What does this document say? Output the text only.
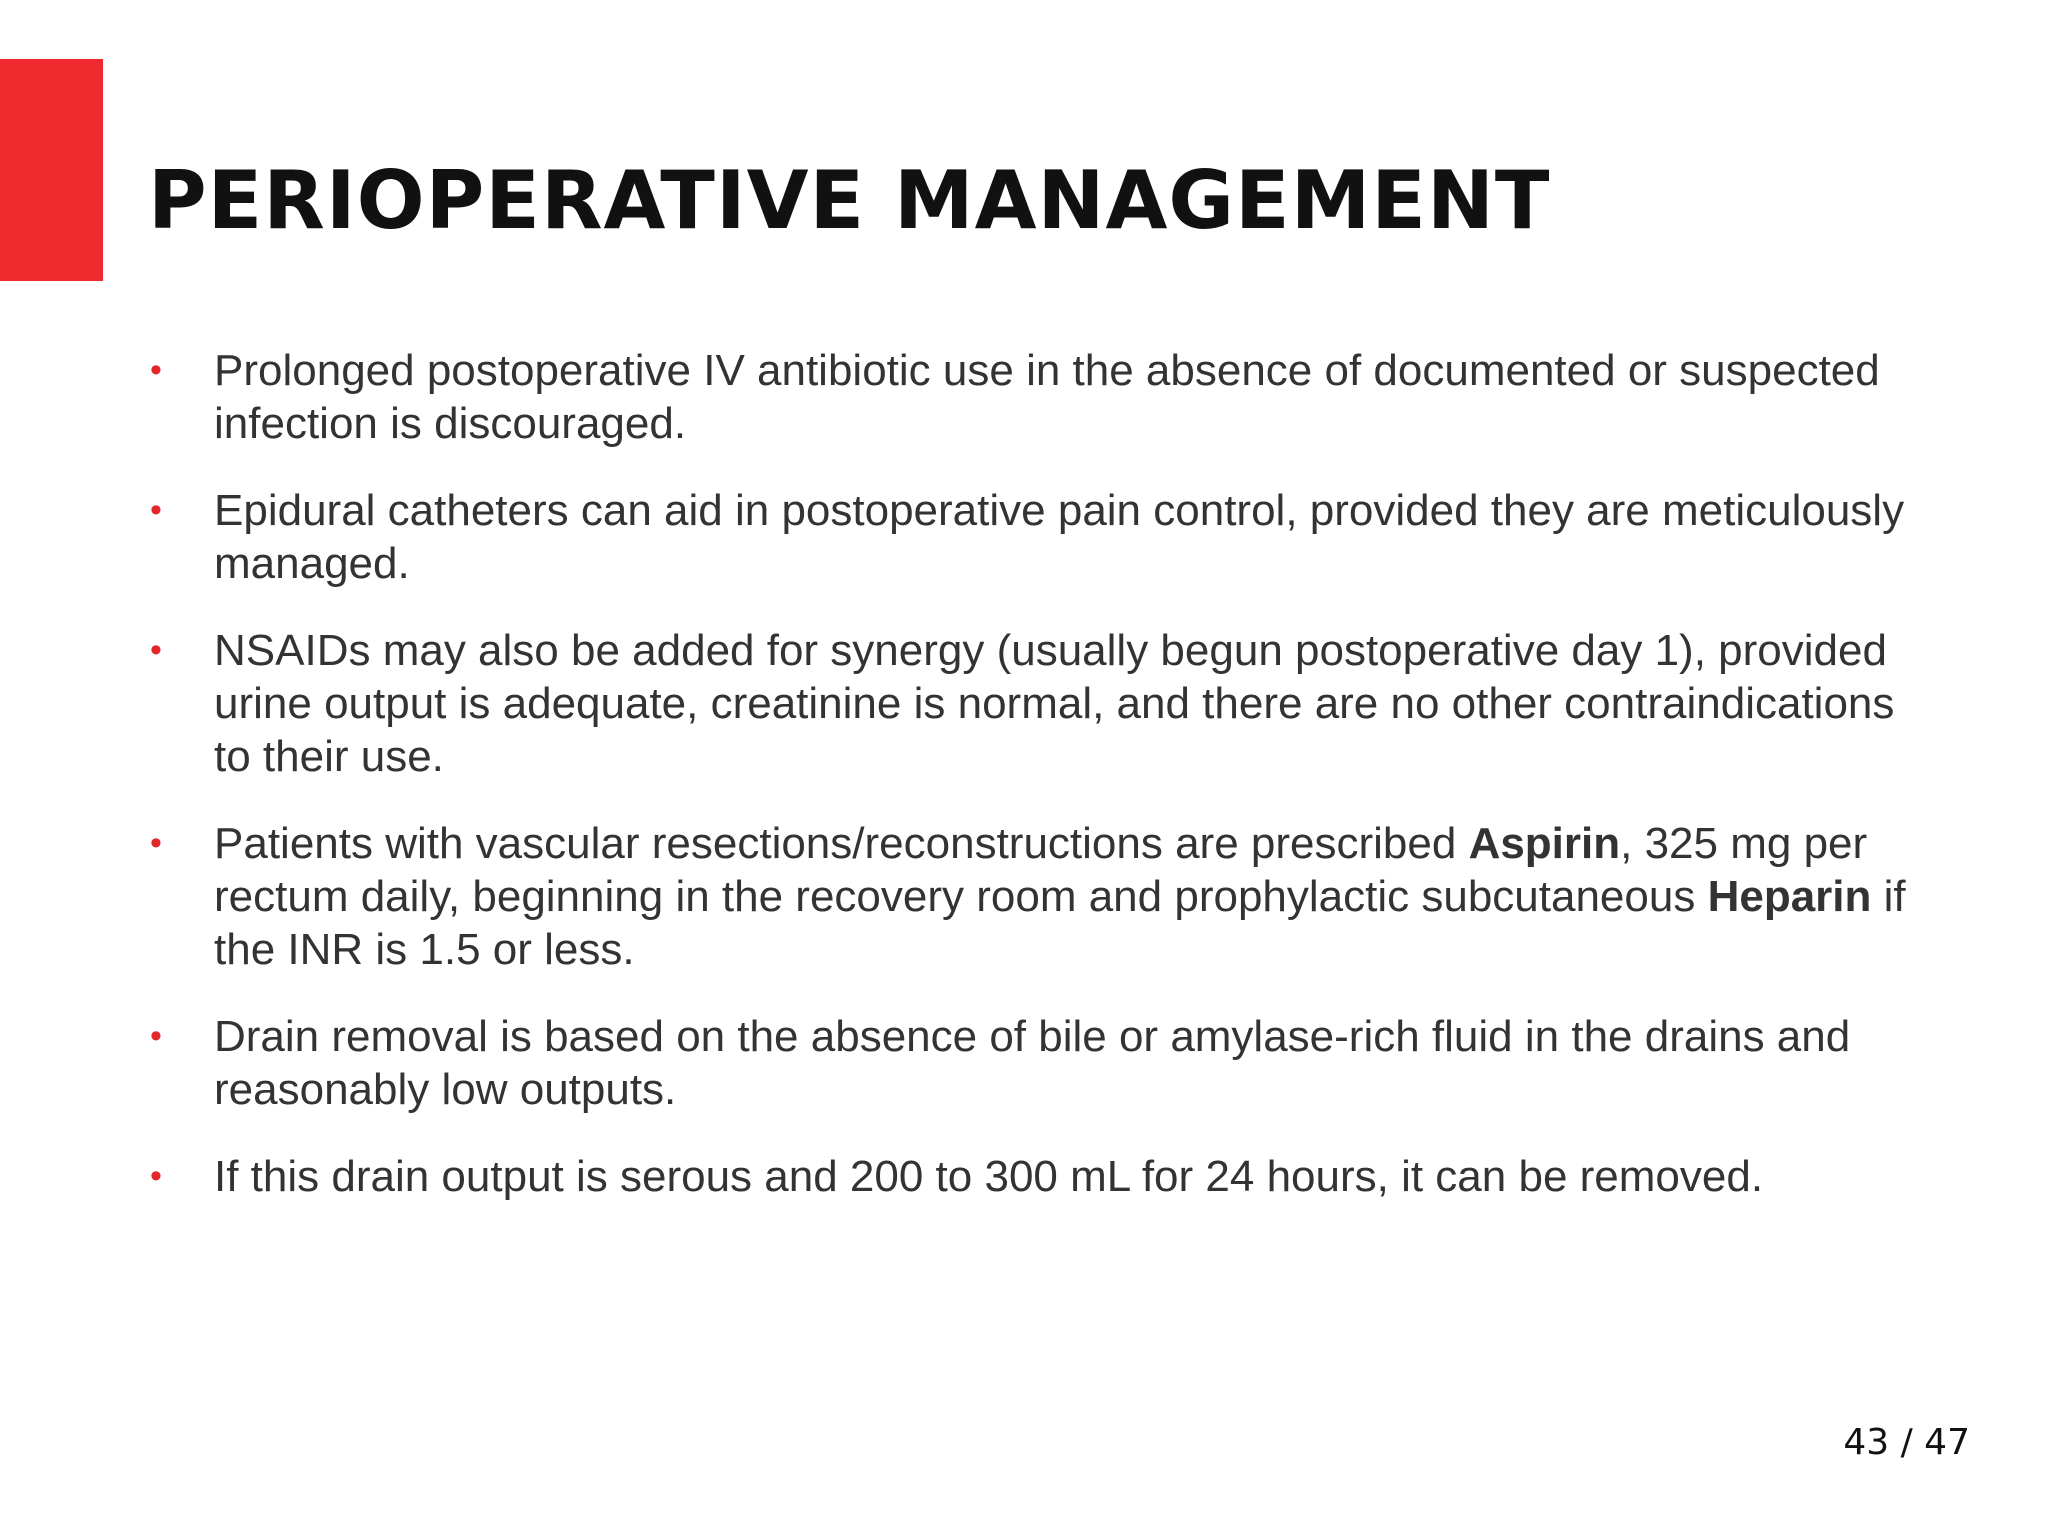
PERIOPERATIVE MANAGEMENT
• Prolonged postoperative IV antibiotic use in the absence of documented or suspected infection is discouraged.
• Epidural catheters can aid in postoperative pain control, provided they are meticulously managed.
• NSAIDs may also be added for synergy (usually begun postoperative day 1), provided urine output is adequate, creatinine is normal, and there are no other contraindications to their use.
• Patients with vascular resections/reconstructions are prescribed Aspirin, 325 mg per rectum daily, beginning in the recovery room and prophylactic subcutaneous Heparin if the INR is 1.5 or less.
• Drain removal is based on the absence of bile or amylase-rich fluid in the drains and reasonably low outputs.
• If this drain output is serous and 200 to 300 mL for 24 hours, it can be removed.
43 / 47
